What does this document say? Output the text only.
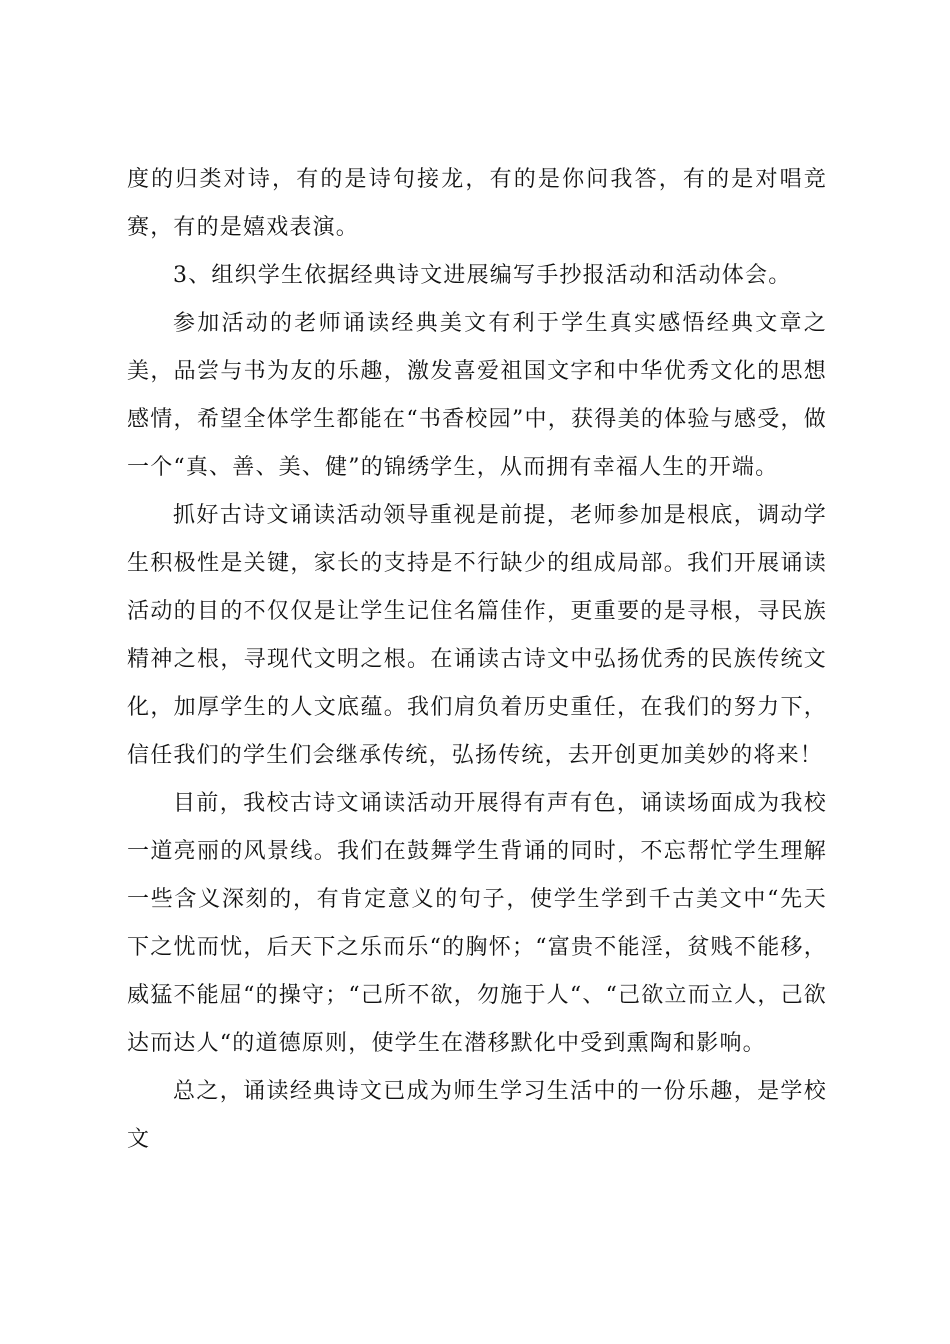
度的归类对诗，有的是诗句接龙，有的是你问我答，有的是对唱竞赛，有的是嬉戏表演。

3、组织学生依据经典诗文进展编写手抄报活动和活动体会。

参加活动的老师诵读经典美文有利于学生真实感悟经典文章之美，品尝与书为友的乐趣，激发喜爱祖国文字和中华优秀文化的思想感情，希望全体学生都能在“书香校园”中，获得美的体验与感受，做一个“真、善、美、健”的锦绣学生，从而拥有幸福人生的开端。

抓好古诗文诵读活动领导重视是前提，老师参加是根底，调动学生积极性是关键，家长的支持是不行缺少的组成局部。我们开展诵读活动的目的不仅仅是让学生记住名篇佳作，更重要的是寻根，寻民族精神之根，寻现代文明之根。在诵读古诗文中弘扬优秀的民族传统文化，加厚学生的人文底蕴。我们肩负着历史重任，在我们的努力下，信任我们的学生们会继承传统，弘扬传统，去开创更加美妙的将来！

目前，我校古诗文诵读活动开展得有声有色，诵读场面成为我校一道亮丽的风景线。我们在鼓舞学生背诵的同时，不忘帮忙学生理解一些含义深刻的，有肯定意义的句子，使学生学到千古美文中“先天下之忧而忧，后天下之乐而乐“的胸怀；“富贵不能淫，贫贱不能移，威猛不能屈“的操守；“己所不欲，勿施于人“、“己欲立而立人，己欲达而达人“的道德原则，使学生在潜移默化中受到熏陶和影响。

总之，诵读经典诗文已成为师生学习生活中的一份乐趣，是学校文
